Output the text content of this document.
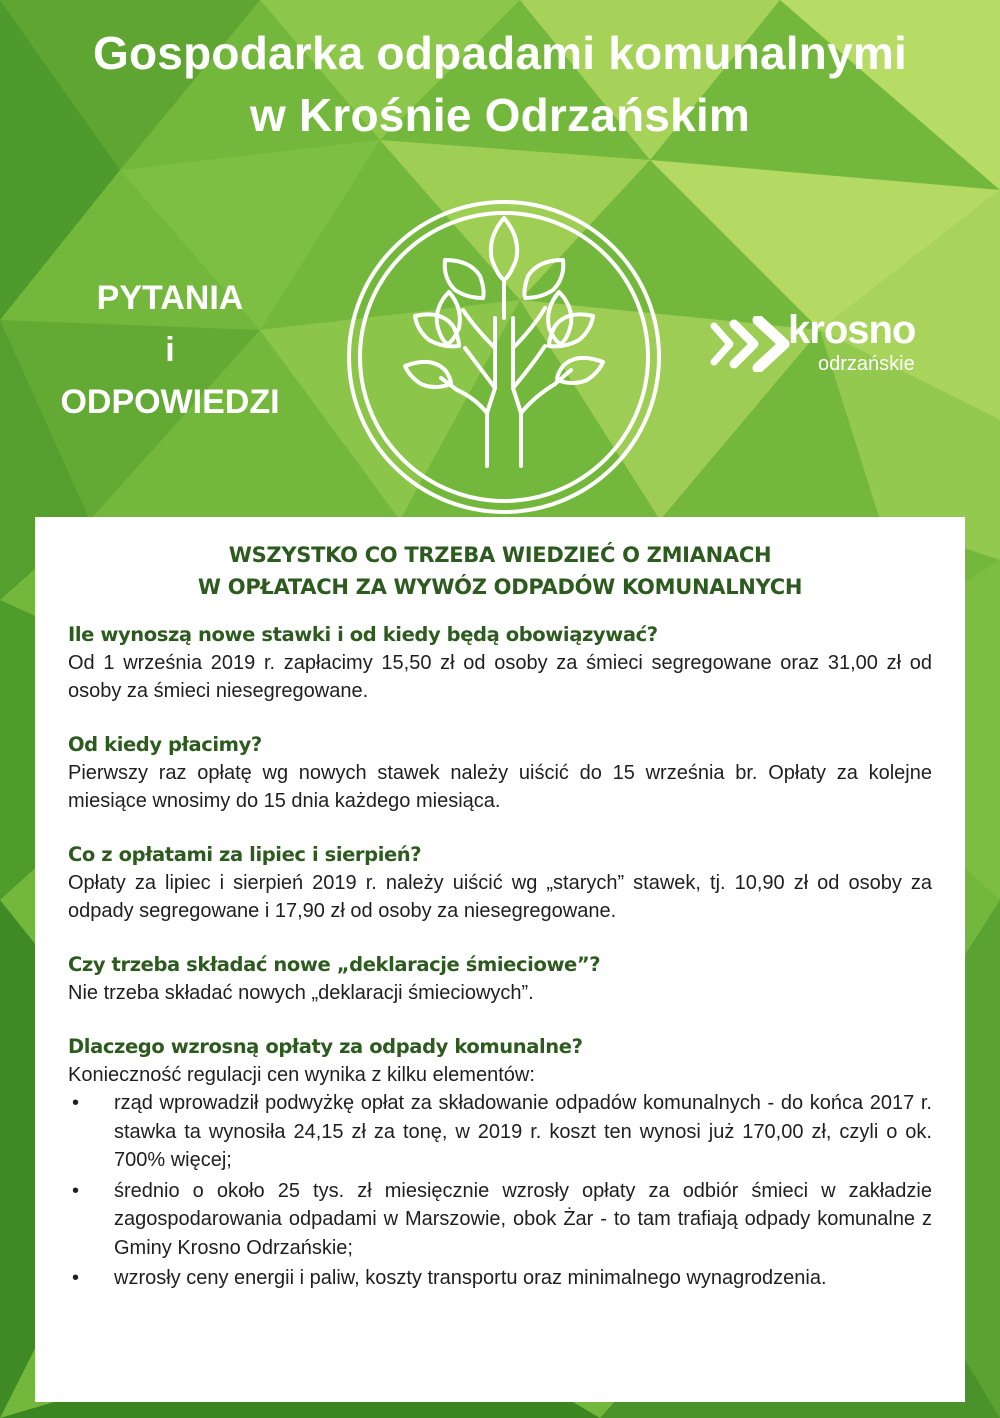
Gospodarka odpadami komunalnymi
w Krośnie Odrzańskim
PYTANIA
i
ODPOWIEDZI
krosno
odrzańskie
WSZYSTKO CO TRZEBA WIEDZIEĆ O ZMIANACH
W OPŁATACH ZA WYWÓZ ODPADÓW KOMUNALNYCH
Ile wynoszą nowe stawki i od kiedy będą obowiązywać?
Od 1 września 2019 r. zapłacimy 15,50 zł od osoby za śmieci segregowane oraz 31,00 zł od osoby za śmieci niesegregowane.
Od kiedy płacimy?
Pierwszy raz opłatę wg nowych stawek należy uiścić do 15 września br. Opłaty za kolejne miesiące wnosimy do 15 dnia każdego miesiąca.
Co z opłatami za lipiec i sierpień?
Opłaty za lipiec i sierpień 2019 r. należy uiścić wg „starych” stawek, tj. 10,90 zł od osoby za odpady segregowane i 17,90 zł od osoby za niesegregowane.
Czy trzeba składać nowe „deklaracje śmieciowe”?
Nie trzeba składać nowych „deklaracji śmieciowych”.
Dlaczego wzrosną opłaty za odpady komunalne?
Konieczność regulacji cen wynika z kilku elementów:
• rząd wprowadził podwyżkę opłat za składowanie odpadów komunalnych - do końca 2017 r. stawka ta wynosiła 24,15 zł za tonę, w 2019 r. koszt ten wynosi już 170,00 zł, czyli o ok. 700% więcej;
• średnio o około 25 tys. zł miesięcznie wzrosły opłaty za odbiór śmieci w zakładzie zagospodarowania odpadami w Marszowie, obok Żar - to tam trafiają odpady komunalne z Gminy Krosno Odrzańskie;
• wzrosły ceny energii i paliw, koszty transportu oraz minimalnego wynagrodzenia.
